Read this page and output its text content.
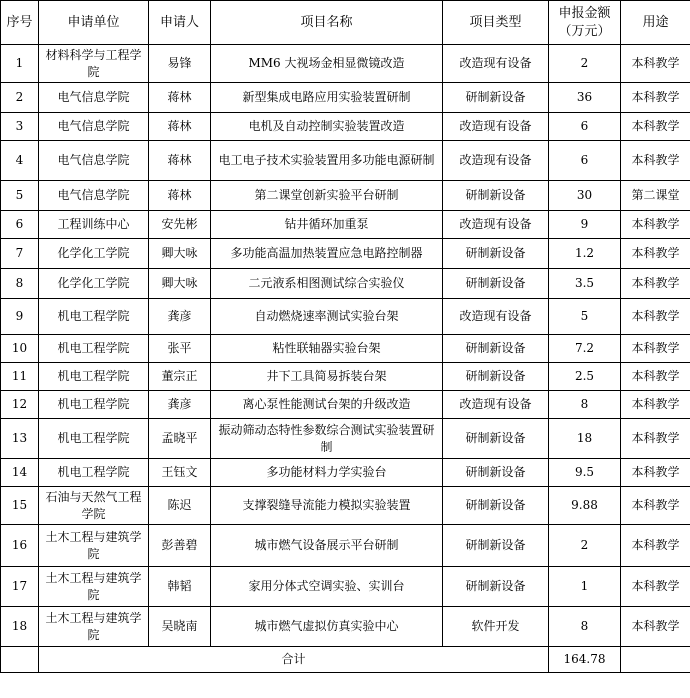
序号	申请单位	申请人	项目名称	项目类型	申报金额（万元）	用途
1	材料科学与工程学院	易锋	MM6 大视场金相显微镜改造	改造现有设备	2	本科教学
2	电气信息学院	蒋林	新型集成电路应用实验装置研制	研制新设备	36	本科教学
3	电气信息学院	蒋林	电机及自动控制实验装置改造	改造现有设备	6	本科教学
4	电气信息学院	蒋林	电工电子技术实验装置用多功能电源研制	改造现有设备	6	本科教学
5	电气信息学院	蒋林	第二课堂创新实验平台研制	研制新设备	30	第二课堂
6	工程训练中心	安先彬	钻井循环加重泵	改造现有设备	9	本科教学
7	化学化工学院	卿大咏	多功能高温加热装置应急电路控制器	研制新设备	1.2	本科教学
8	化学化工学院	卿大咏	二元液系相图测试综合实验仪	研制新设备	3.5	本科教学
9	机电工程学院	龚彦	自动燃烧速率测试实验台架	改造现有设备	5	本科教学
10	机电工程学院	张平	粘性联轴器实验台架	研制新设备	7.2	本科教学
11	机电工程学院	董宗正	井下工具简易拆装台架	研制新设备	2.5	本科教学
12	机电工程学院	龚彦	离心泵性能测试台架的升级改造	改造现有设备	8	本科教学
13	机电工程学院	孟晓平	振动筛动态特性参数综合测试实验装置研制	研制新设备	18	本科教学
14	机电工程学院	王钰文	多功能材料力学实验台	研制新设备	9.5	本科教学
15	石油与天然气工程学院	陈迟	支撑裂缝导流能力模拟实验装置	研制新设备	9.88	本科教学
16	土木工程与建筑学院	彭善碧	城市燃气设备展示平台研制	研制新设备	2	本科教学
17	土木工程与建筑学院	韩韬	家用分体式空调实验、实训台	研制新设备	1	本科教学
18	土木工程与建筑学院	吴晓南	城市燃气虚拟仿真实验中心	软件开发	8	本科教学
	合计				164.78	
